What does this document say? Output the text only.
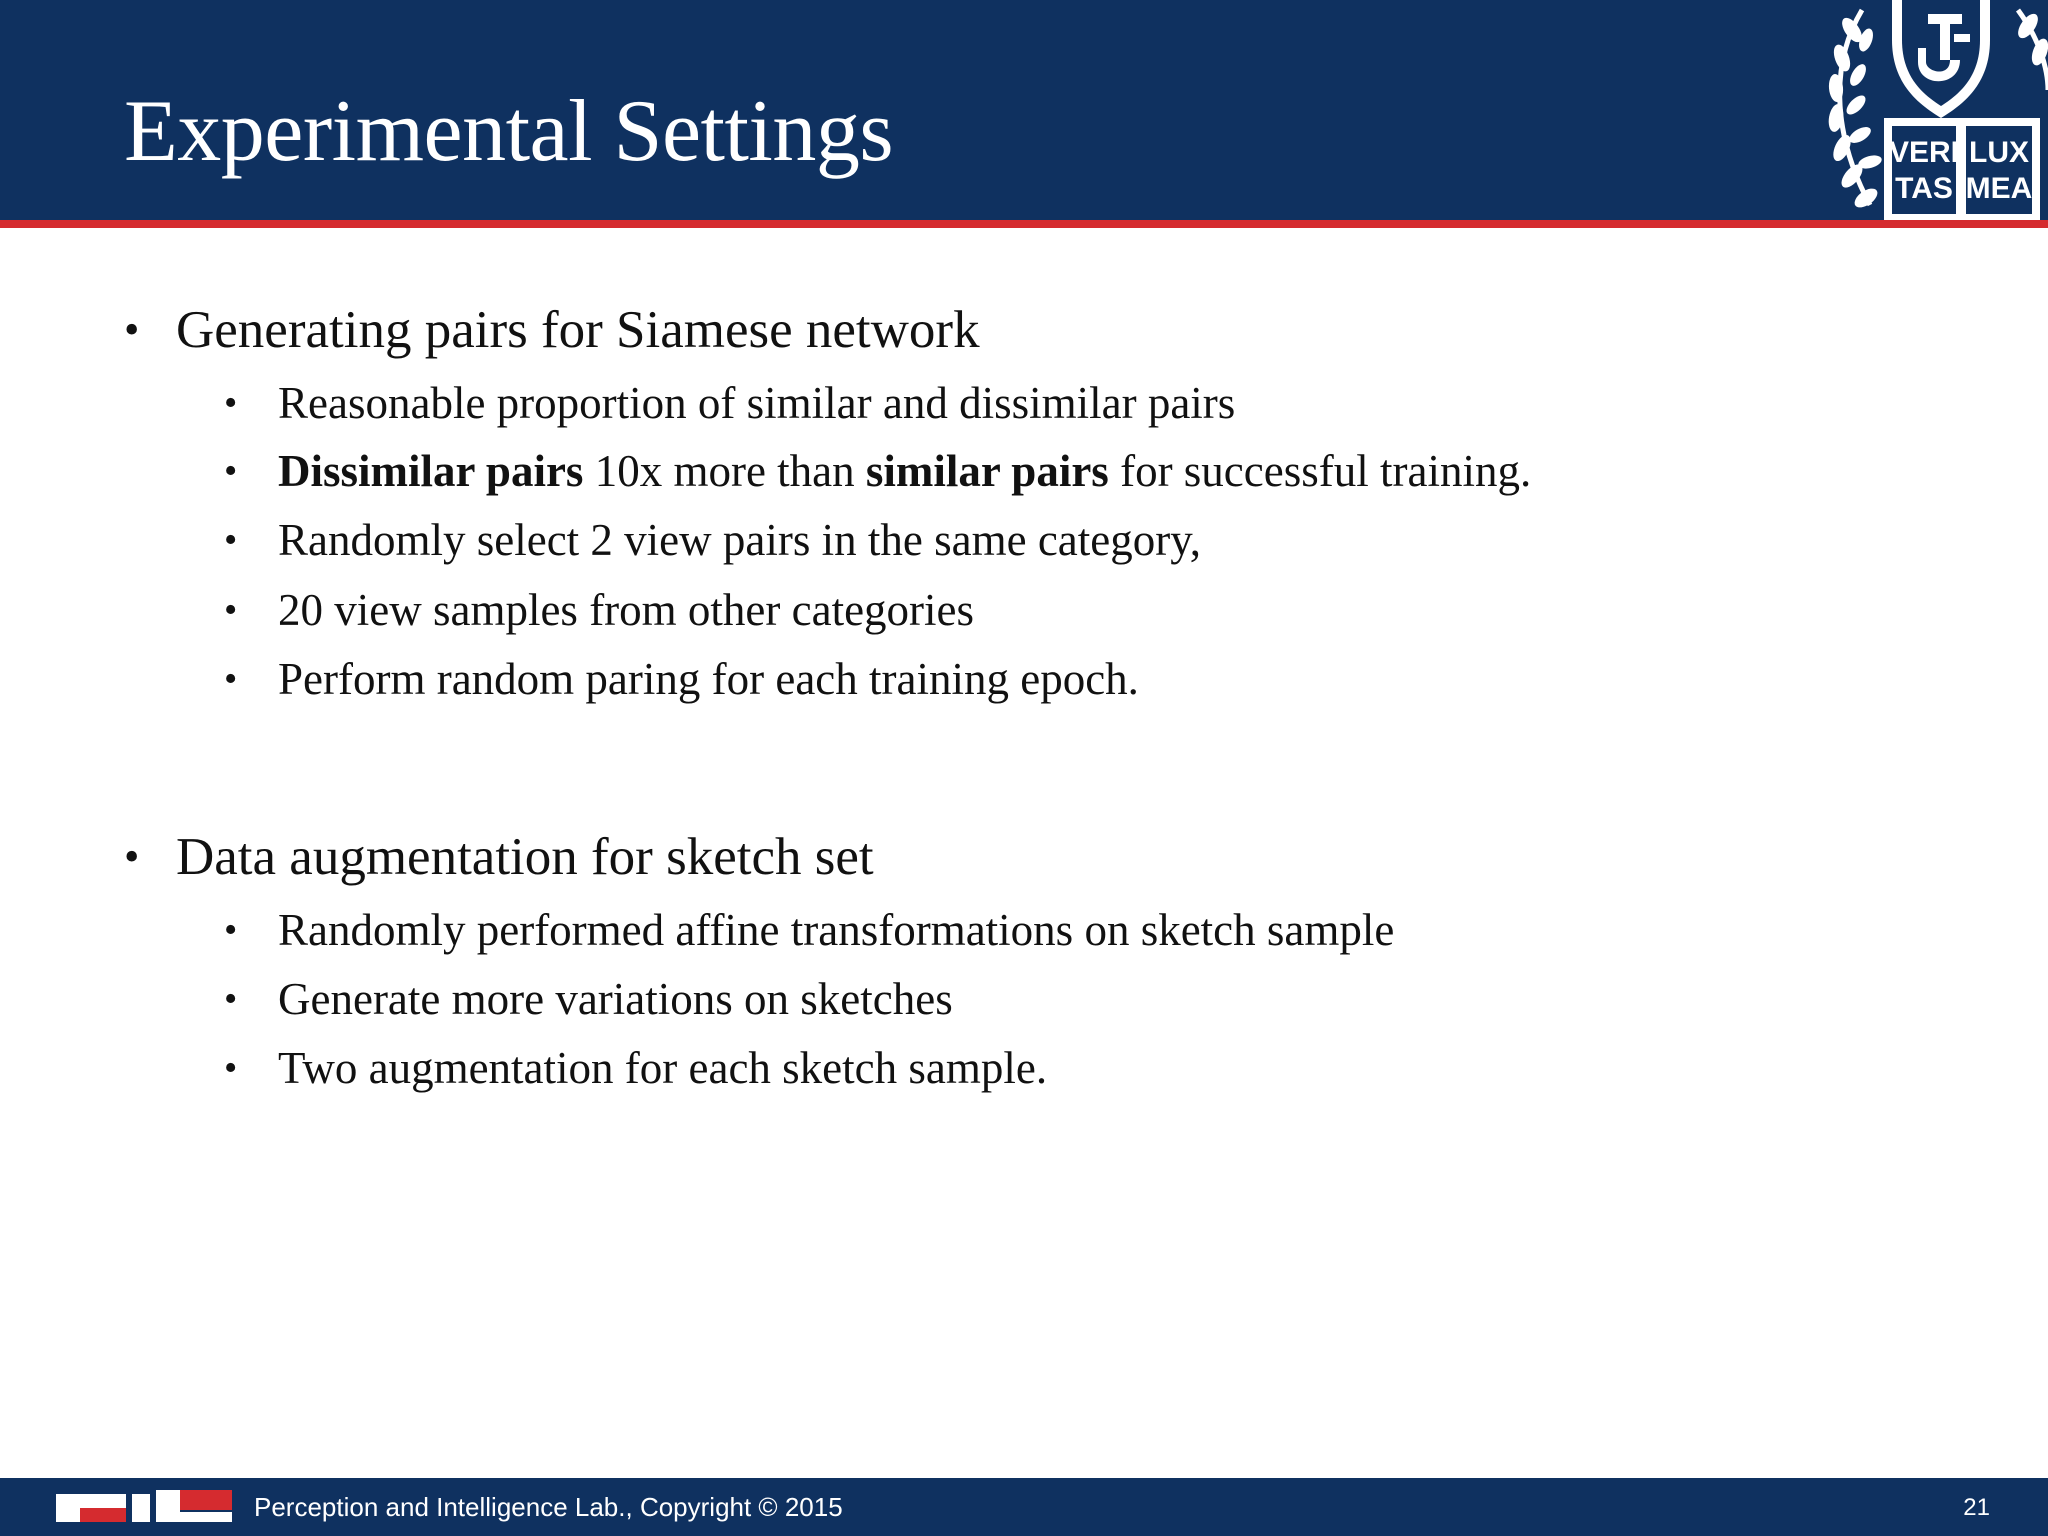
Experimental Settings	VERI LUX
TAS MEA
• Generating pairs for Siamese network
• Reasonable proportion of similar and dissimilar pairs
• Dissimilar pairs 10x more than similar pairs for successful training.
• Randomly select 2 view pairs in the same category,
• 20 view samples from other categories
• Perform random paring for each training epoch.
• Data augmentation for sketch set
• Randomly performed affine transformations on sketch sample
• Generate more variations on sketches
• Two augmentation for each sketch sample.
Perception and Intelligence Lab., Copyright © 2015	21
